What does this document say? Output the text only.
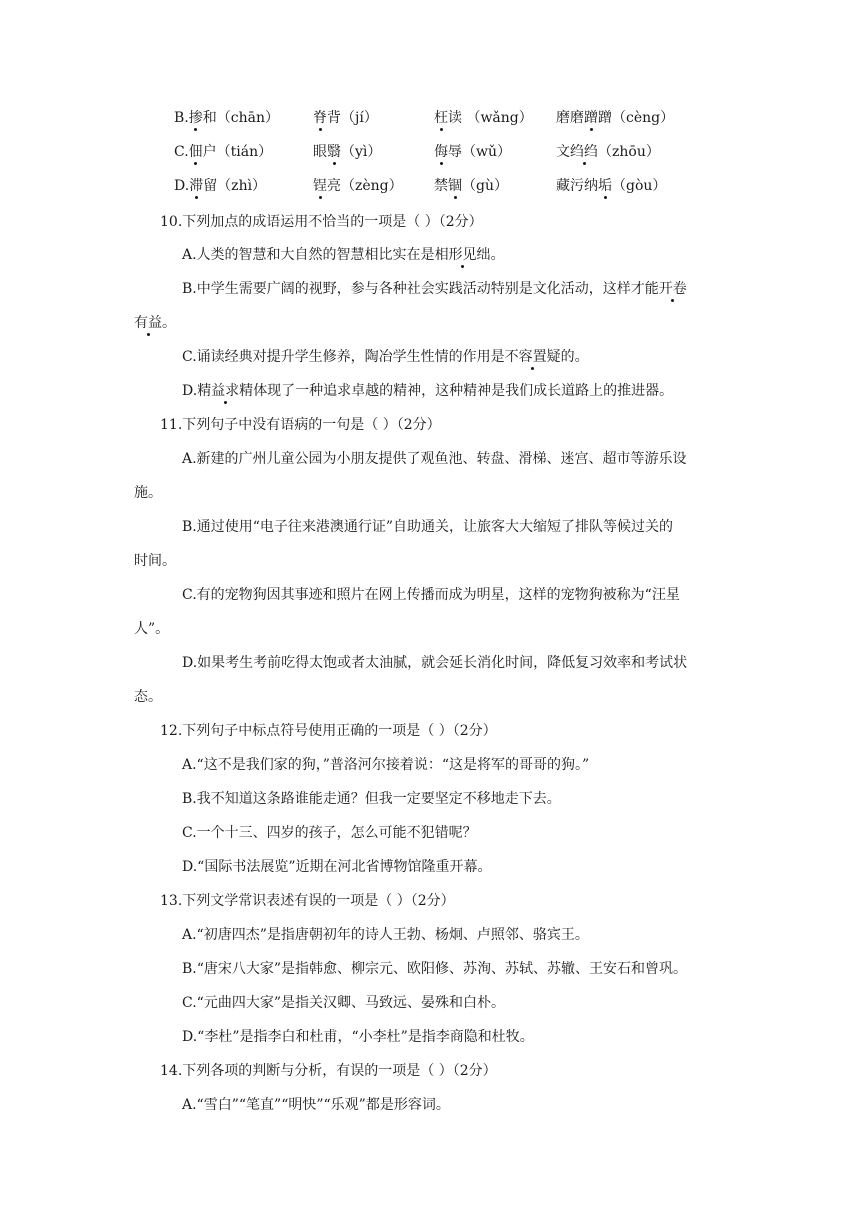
B.掺和（chān） 脊背（jí）	枉读 （wǎng） 磨磨蹭蹭（cèng）
C.佃户（tián）	眼翳（yì）	侮辱（wǔ）	文绉绉（zhōu）
D.滞留（zhì）	锃亮（zèng） 禁锢（gù）	藏污纳垢（gòu）
10.下列加点的成语运用不恰当的一项是（ ）（2分）
A.人类的智慧和大自然的智慧相比实在是相形见绌。
B.中学生需要广阔的视野，参与各种社会实践活动特别是文化活动，这样才能开卷
有益。
C.诵读经典对提升学生修养，陶冶学生性情的作用是不容置疑的。
D.精益求精体现了一种追求卓越的精神，这种精神是我们成长道路上的推进器。
11.下列句子中没有语病的一句是（ ）（2分）
A.新建的广州儿童公园为小朋友提供了观鱼池、转盘、滑梯、迷宫、超市等游乐设
施。
B.通过使用“电子往来港澳通行证”自助通关，让旅客大大缩短了排队等候过关的
时间。
C.有的宠物狗因其事迹和照片在网上传播而成为明星，这样的宠物狗被称为“汪星
人”。
D.如果考生考前吃得太饱或者太油腻，就会延长消化时间，降低复习效率和考试状
态。
12.下列句子中标点符号使用正确的一项是（ ）（2分）
A.“这不是我们家的狗，”普洛河尔接着说：“这是将军的哥哥的狗。”
B.我不知道这条路谁能走通？但我一定要坚定不移地走下去。
C.一个十三、四岁的孩子，怎么可能不犯错呢？
D.“国际书法展览”近期在河北省博物馆隆重开幕。
13.下列文学常识表述有误的一项是（ ）（2分）
A.“初唐四杰”是指唐朝初年的诗人王勃、杨炯、卢照邻、骆宾王。
B.“唐宋八大家”是指韩愈、柳宗元、欧阳修、苏洵、苏轼、苏辙、王安石和曾巩。
C.“元曲四大家”是指关汉卿、马致远、晏殊和白朴。
D.“李杜”是指李白和杜甫，“小李杜”是指李商隐和杜牧。
14.下列各项的判断与分析，有误的一项是（ ）（2分）
A.“雪白”“笔直”“明快”“乐观”都是形容词。
